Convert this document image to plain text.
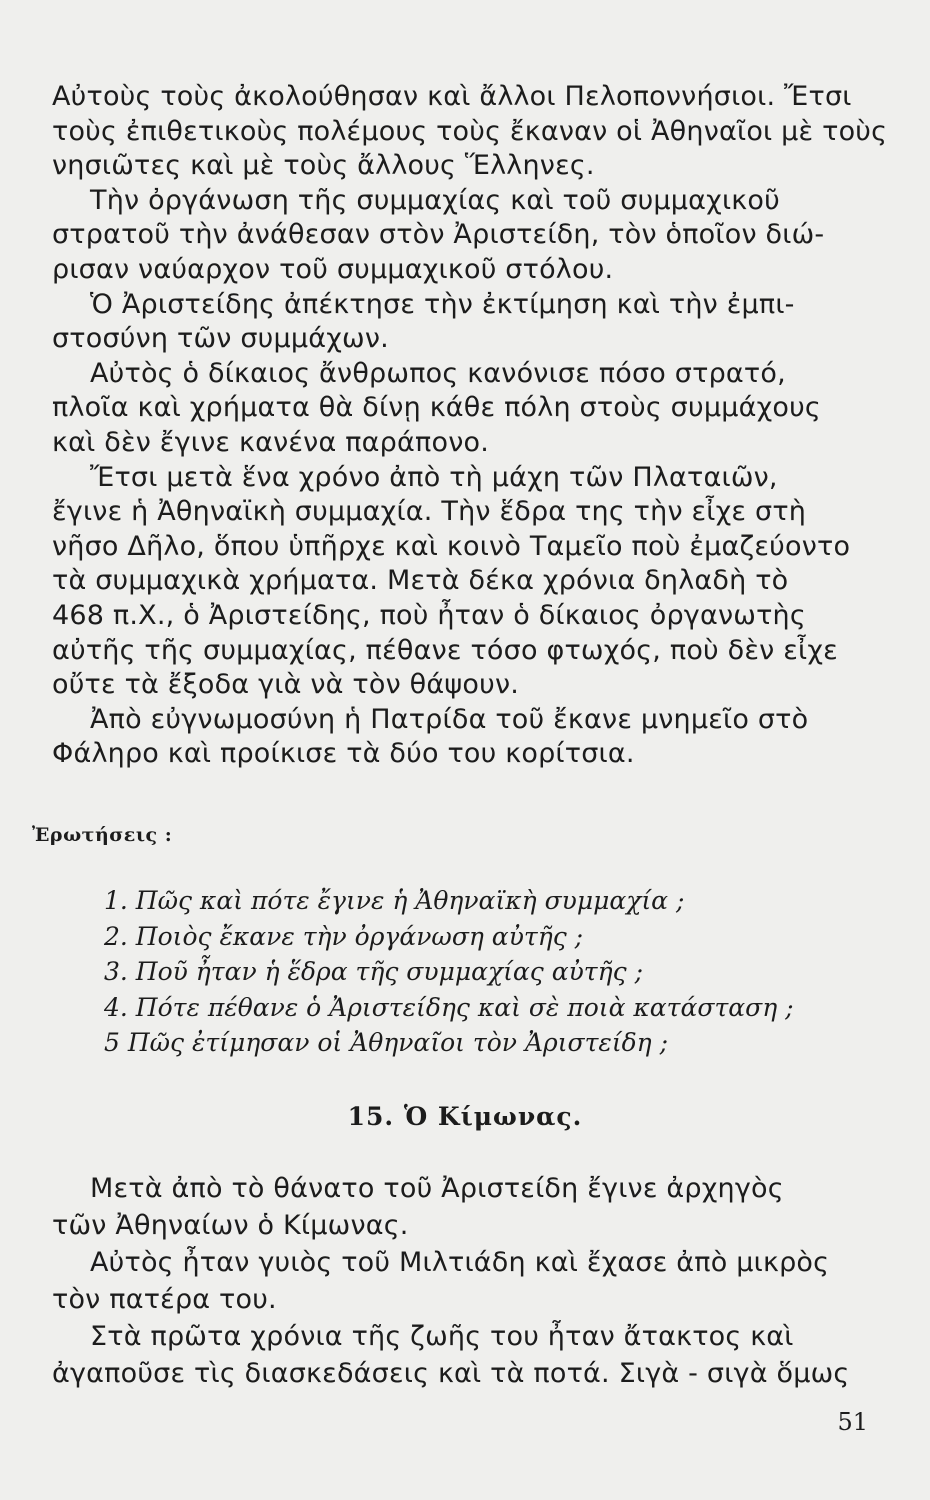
Αὐτοὺς τοὺς ἀκολούθησαν καὶ ἄλλοι Πελοποννήσιοι. Ἔτσι
τοὺς ἐπιθετικοὺς πολέμους τοὺς ἔκαναν οἱ Ἀθηναῖοι μὲ τοὺς
νησιῶτες καὶ μὲ τοὺς ἄλλους Ἕλληνες.
Τὴν ὀργάνωση τῆς συμμαχίας καὶ τοῦ συμμαχικοῦ
στρατοῦ τὴν ἀνάθεσαν στὸν Ἀριστείδη, τὸν ὁποῖον διώ-
ρισαν ναύαρχον τοῦ συμμαχικοῦ στόλου.
Ὁ Ἀριστείδης ἀπέκτησε τὴν ἐκτίμηση καὶ τὴν ἐμπι-
στοσύνη τῶν συμμάχων.
Αὐτὸς ὁ δίκαιος ἄνθρωπος κανόνισε πόσο στρατό,
πλοῖα καὶ χρήματα θὰ δίνῃ κάθε πόλη στοὺς συμμάχους
καὶ δὲν ἔγινε κανένα παράπονο.
Ἔτσι μετὰ ἕνα χρόνο ἀπὸ τὴ μάχη τῶν Πλαταιῶν,
ἔγινε ἡ Ἀθηναϊκὴ συμμαχία. Τὴν ἕδρα της τὴν εἶχε στὴ
νῆσο Δῆλο, ὅπου ὑπῆρχε καὶ κοινὸ Ταμεῖο ποὺ ἐμαζεύοντο
τὰ συμμαχικὰ χρήματα. Μετὰ δέκα χρόνια δηλαδὴ τὸ
468 π.Χ., ὁ Ἀριστείδης, ποὺ ἦταν ὁ δίκαιος ὀργανωτὴς
αὐτῆς τῆς συμμαχίας, πέθανε τόσο φτωχός, ποὺ δὲν εἶχε
οὔτε τὰ ἔξοδα γιὰ νὰ τὸν θάψουν.
Ἀπὸ εὐγνωμοσύνη ἡ Πατρίδα τοῦ ἔκανε μνημεῖο στὸ
Φάληρο καὶ προίκισε τὰ δύο του κορίτσια.
Ἐρωτήσεις :
1. Πῶς καὶ πότε ἔγινε ἡ Ἀθηναϊκὴ συμμαχία ;
2. Ποιὸς ἔκανε τὴν ὀργάνωση αὐτῆς ;
3. Ποῦ ἦταν ἡ ἕδρα τῆς συμμαχίας αὐτῆς ;
4. Πότε πέθανε ὁ Ἀριστείδης καὶ σὲ ποιὰ κατάσταση ;
5 Πῶς ἐτίμησαν οἱ Ἀθηναῖοι τὸν Ἀριστείδη ;
15. Ὁ Κίμωνας.
Μετὰ ἀπὸ τὸ θάνατο τοῦ Ἀριστείδη ἔγινε ἀρχηγὸς
τῶν Ἀθηναίων ὁ Κίμωνας.
Αὐτὸς ἦταν γυιὸς τοῦ Μιλτιάδη καὶ ἔχασε ἀπὸ μικρὸς
τὸν πατέρα του.
Στὰ πρῶτα χρόνια τῆς ζωῆς του ἦταν ἄτακτος καὶ
ἀγαποῦσε τὶς διασκεδάσεις καὶ τὰ ποτά. Σιγὰ - σιγὰ ὅμως
51
